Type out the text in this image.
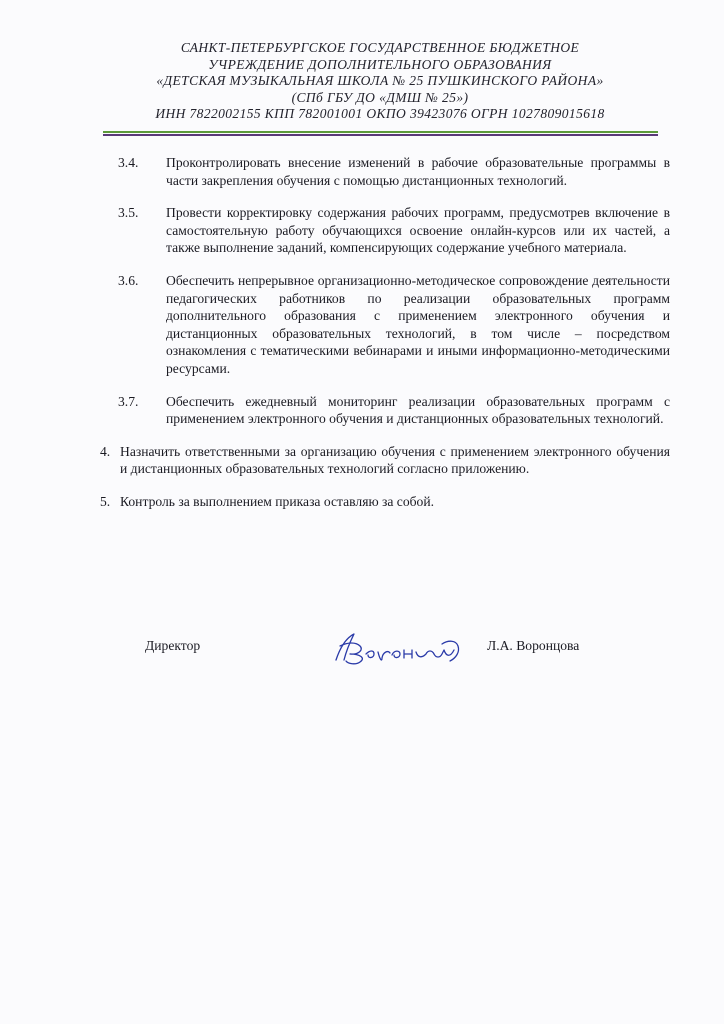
САНКТ-ПЕТЕРБУРГСКОЕ ГОСУДАРСТВЕННОЕ БЮДЖЕТНОЕ
УЧРЕЖДЕНИЕ ДОПОЛНИТЕЛЬНОГО ОБРАЗОВАНИЯ
«ДЕТСКАЯ МУЗЫКАЛЬНАЯ ШКОЛА № 25 ПУШКИНСКОГО РАЙОНА»
(СПб ГБУ ДО «ДМШ № 25»)
ИНН 7822002155 КПП 782001001 ОКПО 39423076 ОГРН 1027809015618
3.4.	Проконтролировать внесение изменений в рабочие образовательные программы в части закрепления обучения с помощью дистанционных технологий.
3.5.	Провести корректировку содержания рабочих программ, предусмотрев включение в самостоятельную работу обучающихся освоение онлайн-курсов или их частей, а также выполнение заданий, компенсирующих содержание учебного материала.
3.6.	Обеспечить непрерывное организационно-методическое сопровождение деятельности педагогических работников по реализации образовательных программ дополнительного образования с применением электронного обучения и дистанционных образовательных технологий, в том числе – посредством ознакомления с тематическими вебинарами и иными информационно-методическими ресурсами.
3.7.	Обеспечить ежедневный мониторинг реализации образовательных программ с применением электронного обучения и дистанционных образовательных технологий.
4. Назначить ответственными за организацию обучения с применением электронного обучения и дистанционных образовательных технологий согласно приложению.
5. Контроль за выполнением приказа оставляю за собой.
Директор	Л.А. Воронцова
